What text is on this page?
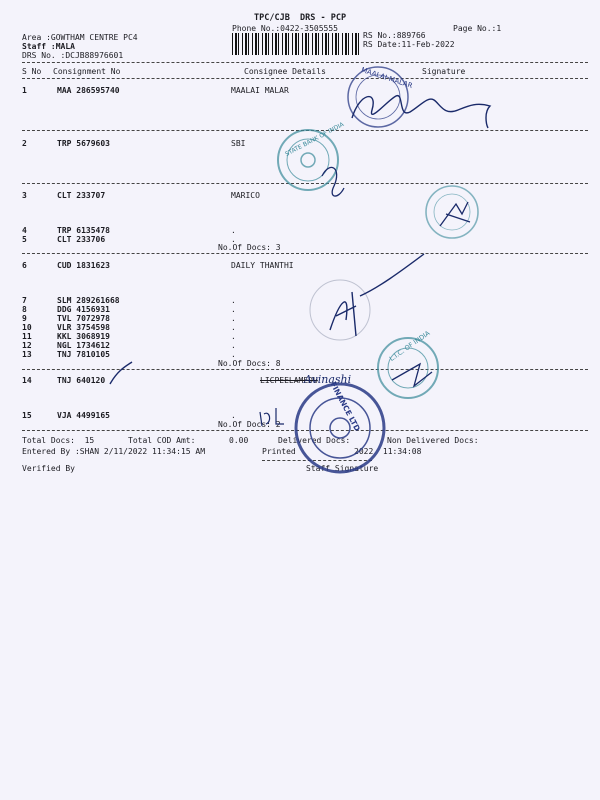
TPC/CJB  DRS - PCP
Phone No.:0422-3505555	Page No.:1
Area :GOWTHAM CENTRE PC4
Staff :MALA
DRS No. :DCJB88976601
RS No.:889766
RS Date:11-Feb-2022
S No Consignment No	Consignee Details	Signature
1	MAA 286595740	MAALAI MALAR
2	TRP 5679603	SBI
3	CLT 233707	MARICO
4	TRP 6135478	.
5	CLT 233706	.
No.Of Docs: 3
6	CUD 1831623	DAILY THANTHI
7	SLM 289261668	.
8	DDG 4156931	.
9	TVL 7072978	.
10	VLR 3754598	.
11	KKL 3068919	.
12	NGL 1734612	.
13	TNJ 7810105	.
No.Of Docs: 8
14	TNJ 640120	LICPEELAMEDU
15	VJA 4499165	.
No.Of Docs: 2
Total Docs:  15	Total COD Amt:	0.00	Delivered Docs:	Non Delivered Docs:
Entered By :SHAN 2/11/2022 11:34:15 AM	Printed	2022  11:34:08
Verified By	Staff Signature
MAALAI MALAR
STATE BANK OF INDIA
L.I.C. OF INDIA
FINANCE LTD
Avinashi
